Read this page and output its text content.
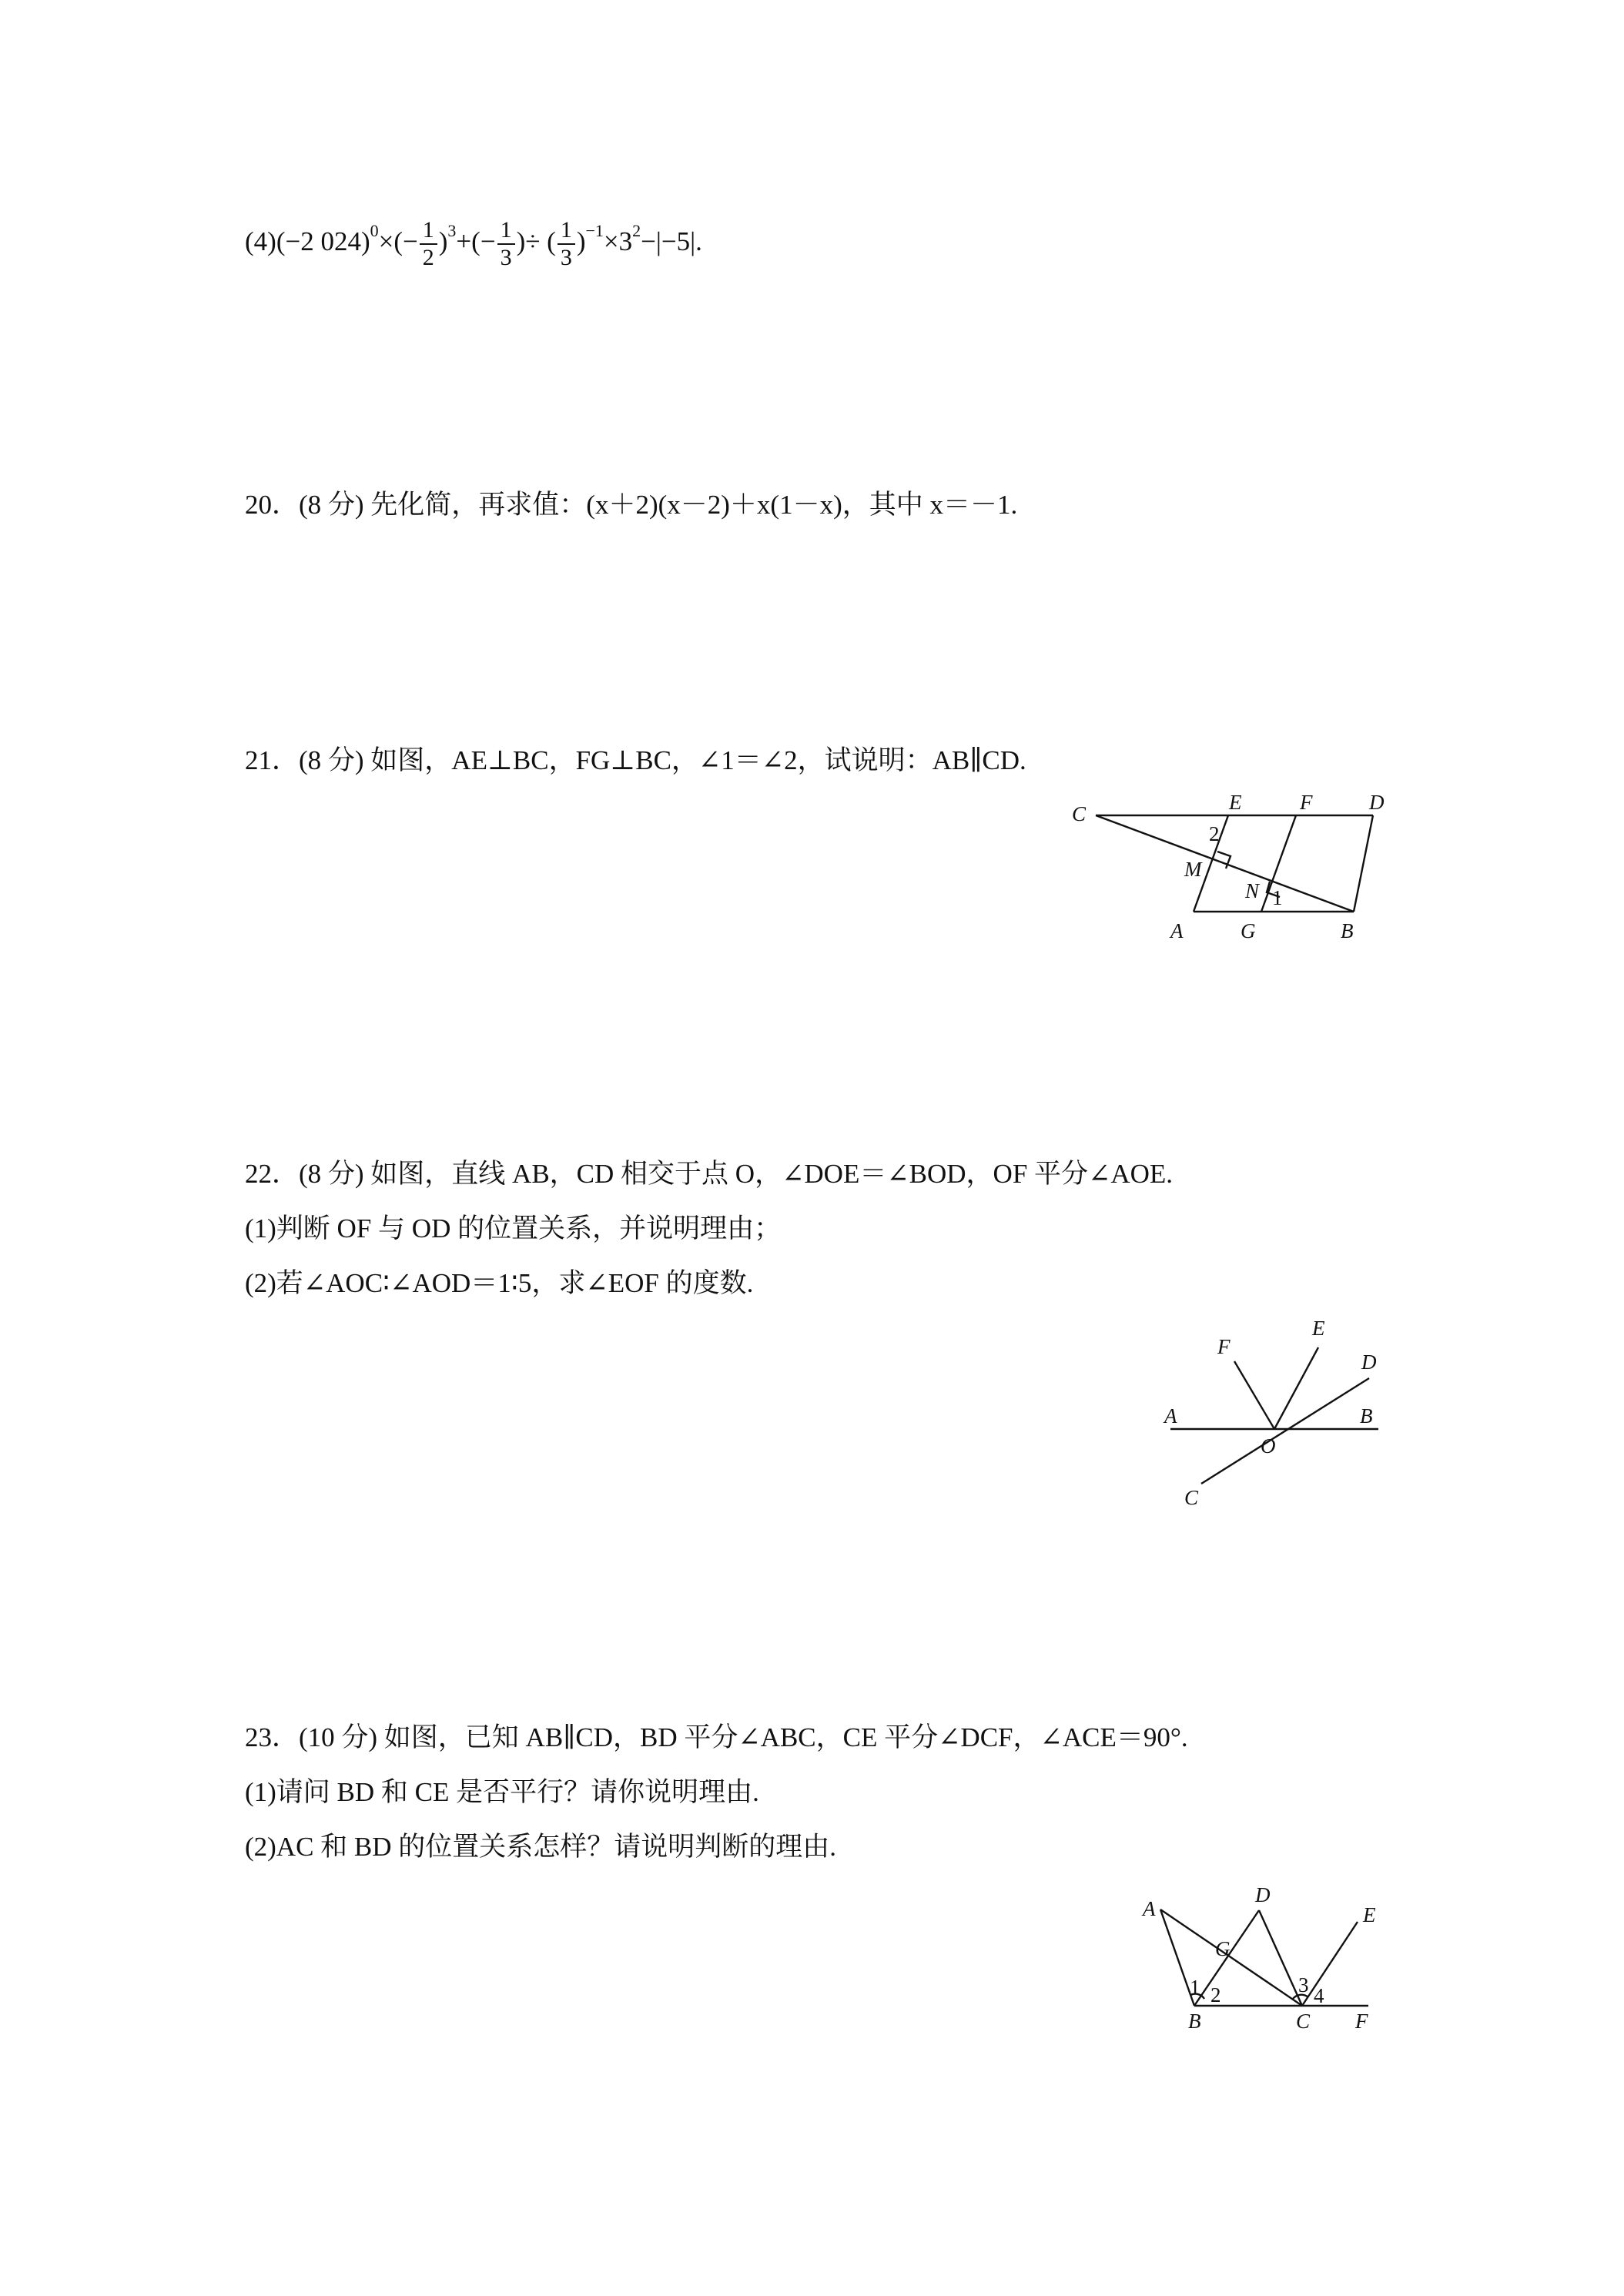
(4)(−2 $024)^0\times(- \frac{1}{2} )^3+(- \frac{1}{3}$ )÷ ( $\frac{1}{3} )^{-1}\times 3^2-|-5|$.
20．(8 分) 先化简，再求值：(x＋2)(x－2)＋x(1－x)，其中 x＝－1.
21．(8 分) 如图，AE⊥BC，FG⊥BC，∠1＝∠2，试说明：AB∥CD.
C	E	F	D
2
M
N 1
A	G	B
22．(8 分) 如图，直线 AB，CD 相交于点 O，∠DOE＝∠BOD，OF 平分∠AOE.
(1)判断 OF 与 OD 的位置关系，并说明理由；
(2)若∠AOC∶∠AOD＝1∶5，求∠EOF 的度数.
F
E
D
A	B
O
C
23．(10 分) 如图，已知 AB∥CD，BD 平分∠ABC，CE 平分∠DCF，∠ACE＝90°.
(1)请问 BD 和 CE 是否平行？请你说明理由.
(2)AC 和 BD 的位置关系怎样？请说明判断的理由.
A
D
E
G
1 2	3 4
B	C F
